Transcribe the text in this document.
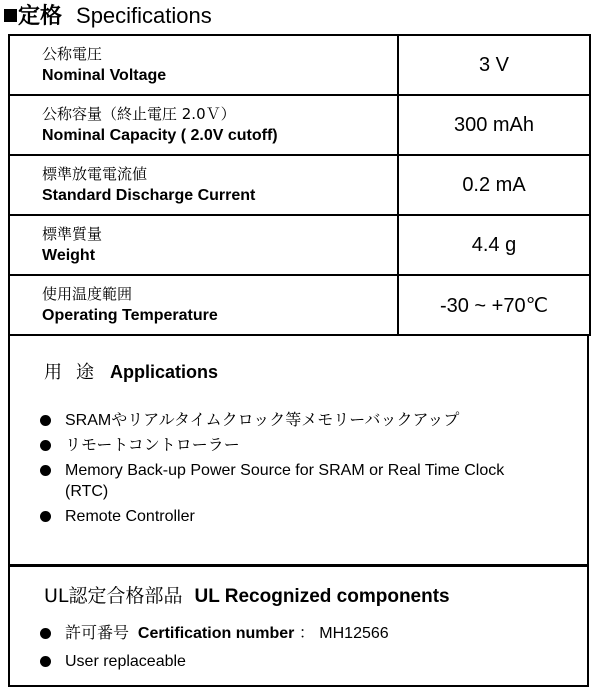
定格 Specifications
公称電圧
Nominal Voltage	3 V

公称容量（終止電圧 2.0Ｖ）
Nominal Capacity ( 2.0V cutoff)	300 mAh

標準放電電流値
Standard Discharge Current	0.2 mA

標準質量
Weight	4.4 g

使用温度範囲
Operating Temperature	-30 ~ +70℃
用途 Applications
SRAMやリアルタイムクロック等メモリーバックアップ
リモートコントローラー
Memory Back-up Power Source for SRAM or Real Time Clock (RTC)
Remote Controller
UL認定合格部品 UL Recognized components
許可番号 Certification number ： MH12566
User replaceable
